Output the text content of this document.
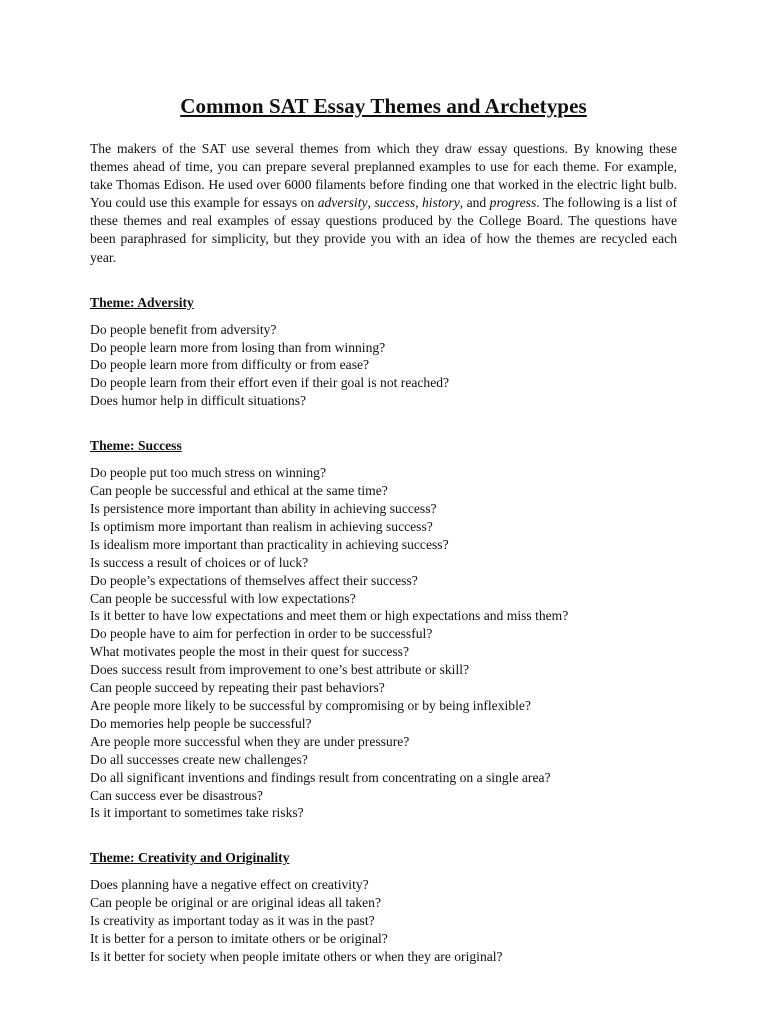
Common SAT Essay Themes and Archetypes

The makers of the SAT use several themes from which they draw essay questions. By knowing these themes ahead of time, you can prepare several preplanned examples to use for each theme. For example, take Thomas Edison. He used over 6000 filaments before finding one that worked in the electric light bulb. You could use this example for essays on adversity, success, history, and progress. The following is a list of these themes and real examples of essay questions produced by the College Board. The questions have been paraphrased for simplicity, but they provide you with an idea of how the themes are recycled each year.

Theme: Adversity
Do people benefit from adversity?
Do people learn more from losing than from winning?
Do people learn more from difficulty or from ease?
Do people learn from their effort even if their goal is not reached?
Does humor help in difficult situations?
Theme: Success
Do people put too much stress on winning?
Can people be successful and ethical at the same time?
Is persistence more important than ability in achieving success?
Is optimism more important than realism in achieving success?
Is idealism more important than practicality in achieving success?
Is success a result of choices or of luck?
Do people’s expectations of themselves affect their success?
Can people be successful with low expectations?
Is it better to have low expectations and meet them or high expectations and miss them?
Do people have to aim for perfection in order to be successful?
What motivates people the most in their quest for success?
Does success result from improvement to one’s best attribute or skill?
Can people succeed by repeating their past behaviors?
Are people more likely to be successful by compromising or by being inflexible?
Do memories help people be successful?
Are people more successful when they are under pressure?
Do all successes create new challenges?
Do all significant inventions and findings result from concentrating on a single area?
Can success ever be disastrous?
Is it important to sometimes take risks?
Theme: Creativity and Originality
Does planning have a negative effect on creativity?
Can people be original or are original ideas all taken?
Is creativity as important today as it was in the past?
It is better for a person to imitate others or be original?
Is it better for society when people imitate others or when they are original?
